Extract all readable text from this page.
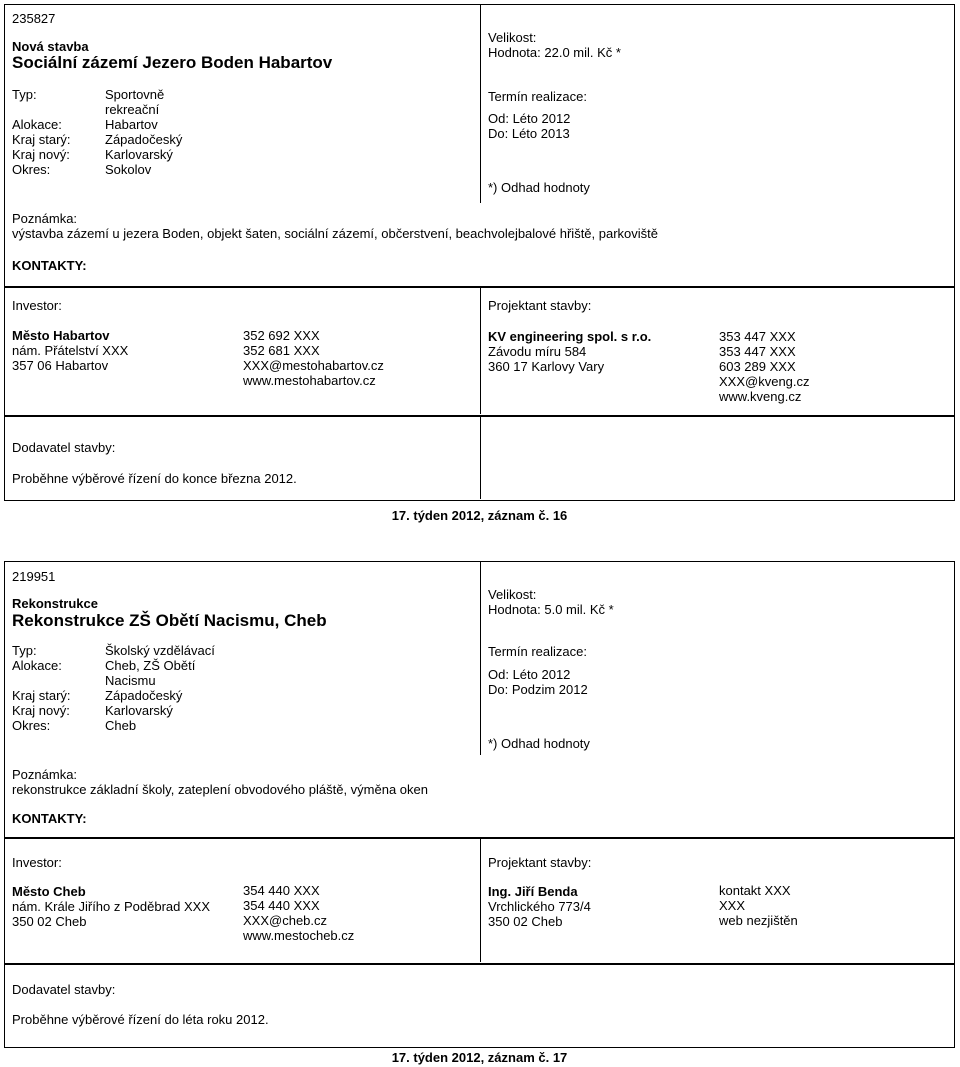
235827
Nová stavba
Sociální zázemí Jezero Boden Habartov
Typ:
Alokace:
Kraj starý:
Kraj nový:
Okres:
Sportovně
rekreační
Habartov
Západočeský
Karlovarský
Sokolov
Velikost:
Hodnota: 22.0 mil. Kč *
Termín realizace:
Od: Léto 2012
Do: Léto 2013
*) Odhad hodnoty
Poznámka:
výstavba zázemí u jezera Boden, objekt šaten, sociální zázemí, občerstvení, beachvolejbalové hřiště, parkoviště
KONTAKTY:
Investor:
Město Habartov
nám. Přátelství XXX
357 06 Habartov
352 692 XXX
352 681 XXX
XXX@mestohabartov.cz
www.mestohabartov.cz
Projektant stavby:
KV engineering spol. s r.o.
Závodu míru 584
360 17 Karlovy Vary
353 447 XXX
353 447 XXX
603 289 XXX
XXX@kveng.cz
www.kveng.cz
Dodavatel stavby:
Proběhne výběrové řízení do konce března 2012.
17. týden 2012, záznam č. 16
219951
Rekonstrukce
Rekonstrukce ZŠ Obětí Nacismu, Cheb
Typ:
Alokace:
Kraj starý:
Kraj nový:
Okres:
Školský vzdělávací
Cheb, ZŠ Obětí
Nacismu
Západočeský
Karlovarský
Cheb
Velikost:
Hodnota: 5.0 mil. Kč *
Termín realizace:
Od: Léto 2012
Do: Podzim 2012
*) Odhad hodnoty
Poznámka:
rekonstrukce základní školy, zateplení obvodového pláště, výměna oken
KONTAKTY:
Investor:
Město Cheb
nám. Krále Jiřího z Poděbrad XXX
350 02 Cheb
354 440 XXX
354 440 XXX
XXX@cheb.cz
www.mestocheb.cz
Projektant stavby:
Ing. Jiří Benda
Vrchlického 773/4
350 02 Cheb
kontakt XXX
XXX
web nezjištěn
Dodavatel stavby:
Proběhne výběrové řízení do léta roku 2012.
17. týden 2012, záznam č. 17
